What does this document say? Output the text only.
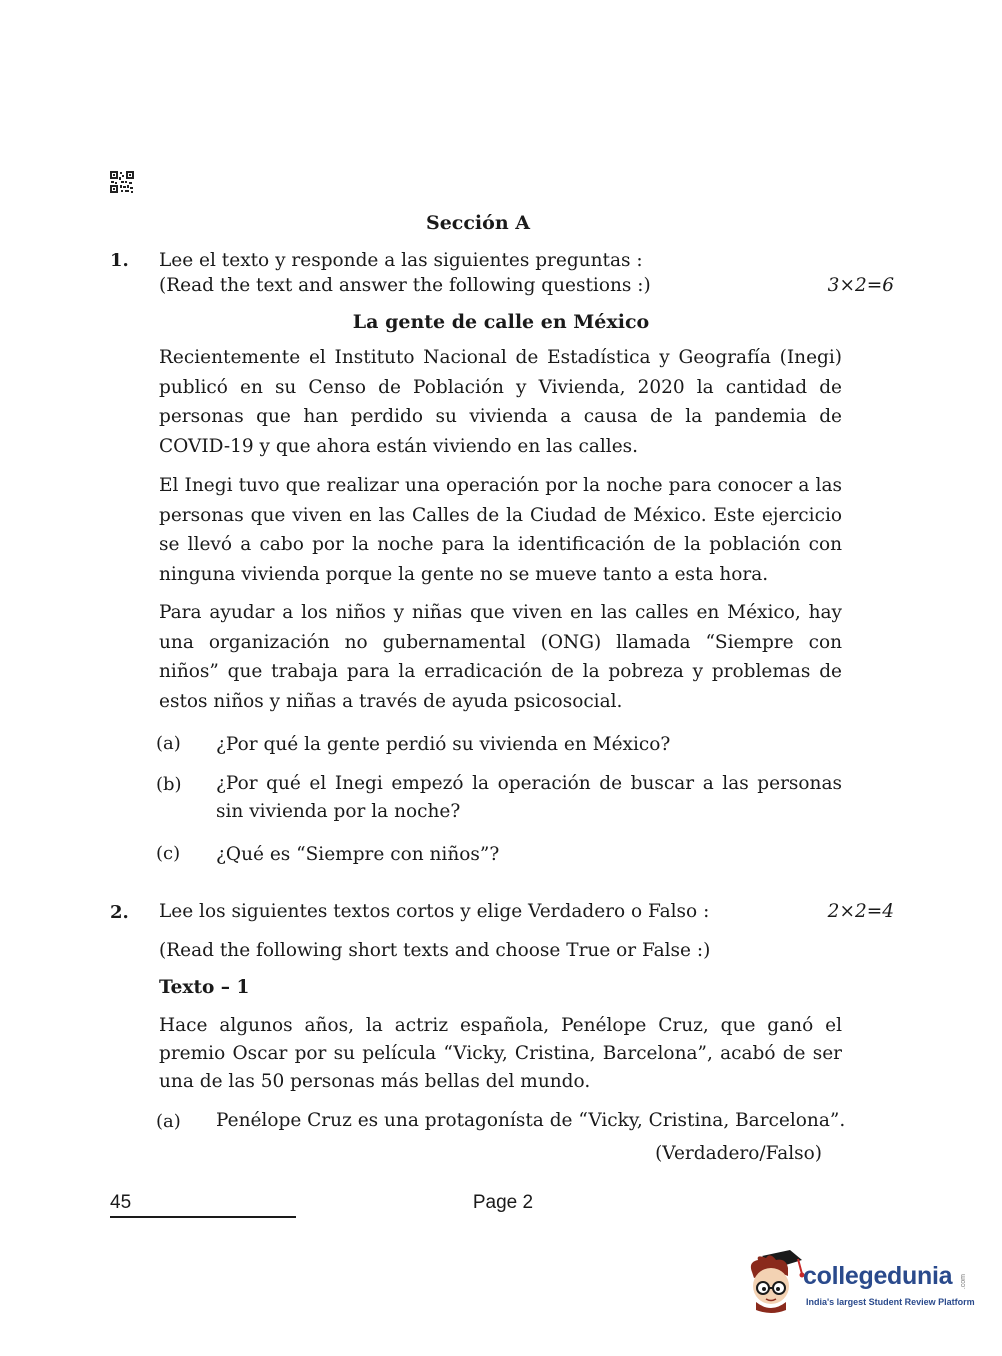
Sección A
1. Lee el texto y responde a las siguientes preguntas :
(Read the text and answer the following questions :)	3×2=6
La gente de calle en México

Recientemente el Instituto Nacional de Estadística y Geografía (Inegi) publicó en su Censo de Población y Vivienda, 2020 la cantidad de personas que han perdido su vivienda a causa de la pandemia de COVID-19 y que ahora están viviendo en las calles.

El Inegi tuvo que realizar una operación por la noche para conocer a las personas que viven en las Calles de la Ciudad de México. Este ejercicio se llevó a cabo por la noche para la identificación de la población con ninguna vivienda porque la gente no se mueve tanto a esta hora.

Para ayudar a los niños y niñas que viven en las calles en México, hay una organización no gubernamental (ONG) llamada “Siempre con niños” que trabaja para la erradicación de la pobreza y problemas de estos niños y niñas a través de ayuda psicosocial.

(a) ¿Por qué la gente perdió su vivienda en México?

(b) ¿Por qué el Inegi empezó la operación de buscar a las personas sin vivienda por la noche?

(c) ¿Qué es “Siempre con niños”?

2. Lee los siguientes textos cortos y elige Verdadero o Falso :	2×2=4
(Read the following short texts and choose True or False :)
Texto – 1

Hace algunos años, la actriz española, Penélope Cruz, que ganó el premio Oscar por su película “Vicky, Cristina, Barcelona”, acabó de ser una de las 50 personas más bellas del mundo.

(a) Penélope Cruz es una protagonísta de “Vicky, Cristina, Barcelona”.
(Verdadero/Falso)
45	Page 2
collegedunia .com
India's largest Student Review Platform
